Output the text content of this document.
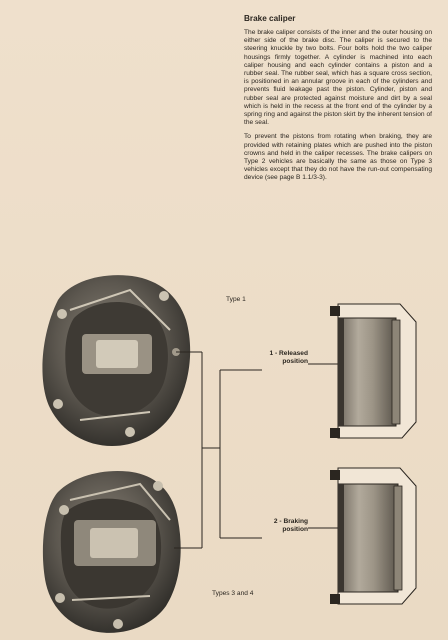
Brake caliper

The brake caliper consists of the inner and the outer housing on either side of the brake disc. The caliper is secured to the steering knuckle by two bolts. Four bolts hold the two caliper housings firmly together. A cylinder is machined into each caliper housing and each cylinder contains a piston and a rubber seal. The rubber seal, which has a square cross section, is positioned in an annular groove in each of the cylinders and prevents fluid leakage past the piston. Cylinder, piston and rubber seal are protected against moisture and dirt by a seal which is held in the recess at the front end of the cylinder by a spring ring and against the piston skirt by the inherent tension of the seal.

To prevent the pistons from rotating when braking, they are provided with retaining plates which are pushed into the piston crowns and held in the caliper recesses. The brake calipers on Type 2 vehicles are basically the same as those on Type 3 vehicles except that they do not have the run-out compensating device (see page B 1.1/3-3).

Type 1
Types 3 and 4
1 - Released
position
2 - Braking
position
